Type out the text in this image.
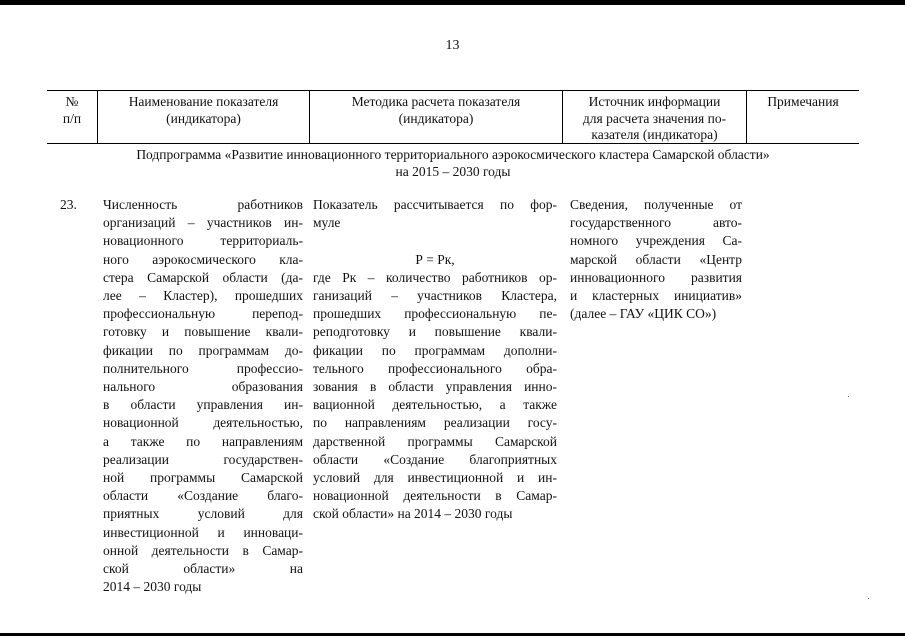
13
№
п/п
Наименование показателя
(индикатора)
Методика расчета показателя
(индикатора)
Источник информации
для расчета значения по-
казателя (индикатора)
Примечания
Подпрограмма «Развитие инновационного территориального аэрокосмического кластера Самарской области»
на 2015 – 2030 годы
23. Численность работников
организаций – участников ин-
новационного территориаль-
ного аэрокосмического кла-
стера Самарской области (да-
лее – Кластер), прошедших
профессиональную перепод-
готовку и повышение квали-
фикации по программам до-
полнительного профессио-
нального образования
в области управления ин-
новационной деятельностью,
а также по направлениям
реализации государствен-
ной программы Самарской
области «Создание благо-
приятных условий для
инвестиционной и инноваци-
онной деятельности в Самар-
ской области» на
2014 – 2030 годы
Показатель рассчитывается по фор-
муле

Р = Рк,
где Рк – количество работников ор-
ганизаций – участников Кластера,
прошедших профессиональную пе-
реподготовку и повышение квали-
фикации по программам дополни-
тельного профессионального обра-
зования в области управления инно-
вационной деятельностью, а также
по направлениям реализации госу-
дарственной программы Самарской
области «Создание благоприятных
условий для инвестиционной и ин-
новационной деятельности в Самар-
ской области» на 2014 – 2030 годы
Сведения, полученные от
государственного авто-
номного учреждения Са-
марской области «Центр
инновационного развития
и кластерных инициатив»
(далее – ГАУ «ЦИК СО»)
